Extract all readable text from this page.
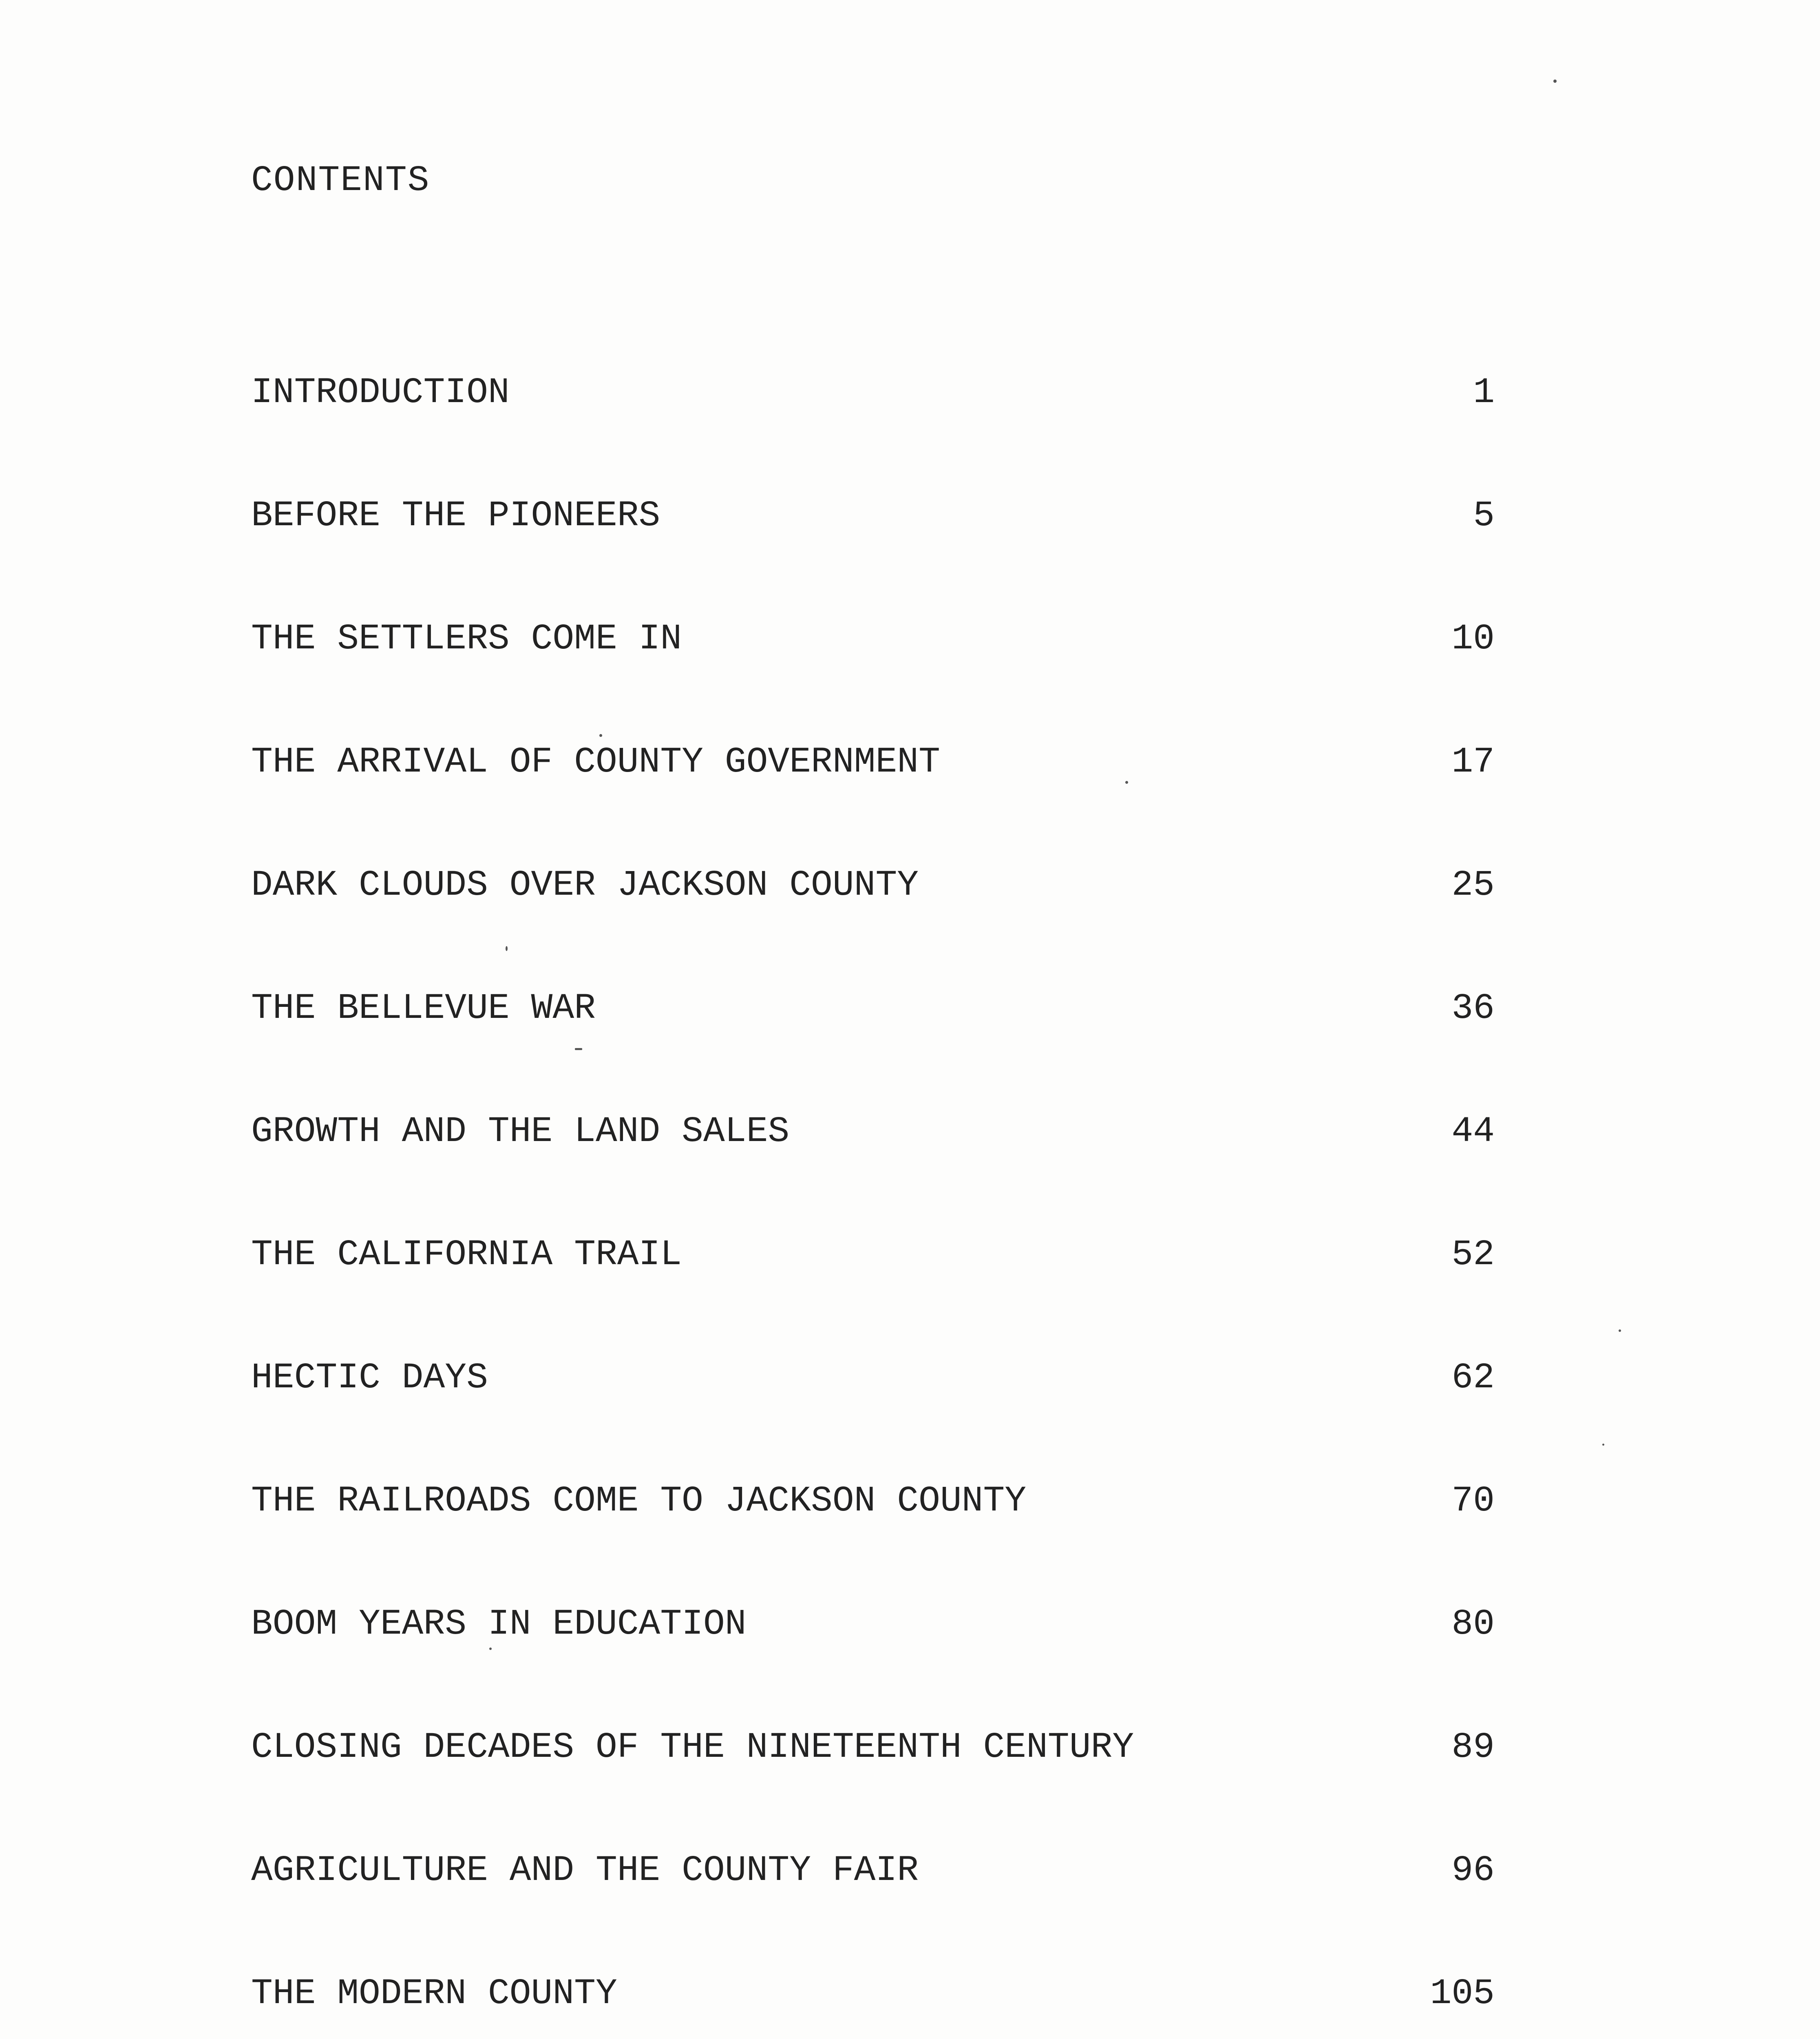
CONTENTS
INTRODUCTION	1
BEFORE THE PIONEERS	5
THE SETTLERS COME IN	10
THE ARRIVAL OF COUNTY GOVERNMENT	17
DARK CLOUDS OVER JACKSON COUNTY	25
THE BELLEVUE WAR	36
GROWTH AND THE LAND SALES	44
THE CALIFORNIA TRAIL	52
HECTIC DAYS	62
THE RAILROADS COME TO JACKSON COUNTY	70
BOOM YEARS IN EDUCATION	80
CLOSING DECADES OF THE NINETEENTH CENTURY	89
AGRICULTURE AND THE COUNTY FAIR	96
THE MODERN COUNTY	105
